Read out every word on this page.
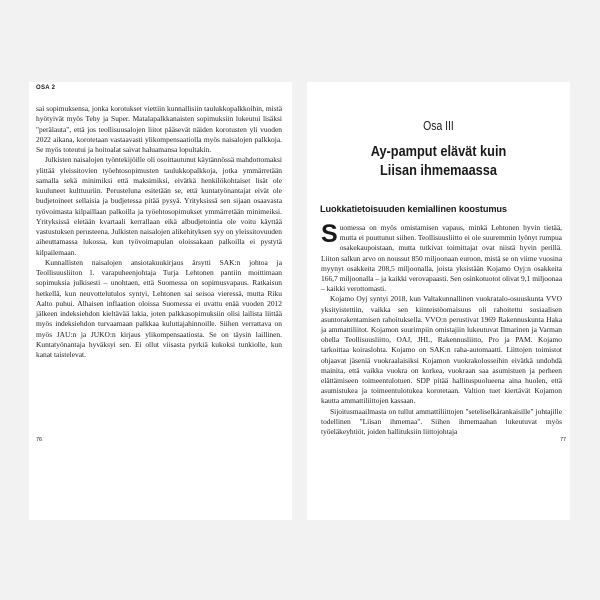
OSA 2

sai sopimuksensa, jonka korotukset viettiin kunnallisiin taulukkopalkkoihin, mistä hyötyivät myös Tehy ja Super. Matalapalkkanaisten sopimuksiin lukeutui lisäksi "perälauta", että jos teollisuusalojen liitot pääsevät näiden korotusten yli vuoden 2022 aikana, korotetaan vastaavasti ylikompensaatiolla myös naisalojen palkkoja. Se myös toteutui ja hoitoalat saivat haluamansa lopultakin.

Julkisten naisalojen työntekijöille oli osoittautunut käytännössä mahdottomaksi ylittää yleissitovien työehtosopimusten taulukkopalkkoja, jotka ymmärretään samalla sekä minimiksi että maksimiksi, eivätkä henkilökohtaiset lisät ole kuuluneet kulttuuriin. Perusteluna esitetään se, että kuntatyönantajat eivät ole budjetoineet sellaisia ja budjetessa pitää pysyä. Yrityksissä sen sijaan osaavasta työvoimasta kilpaillaan palkoilla ja työehtosopimukset ymmärretään minimeiksi. Yrityksissä eletään kvartaali kerrallaan eikä albudjetointia ole voitu käyttää vastustuksen perusteena. Julkisten naisalojen alikehityksen syy on yleissitovuuden aiheuttamassa lukossa, kun työvoimapulan oloissakaan palkoilla ei pystytä kilpailemaan.

Kunnallisten naisalojen ansiotakuukirjaus ärsytti SAK:n johtoa ja Teollisuusliiton 1. varapuheenjohtaja Turja Lehtonen pantiin moittimaan sopimuksia julkisesti – unohtaen, että Suomessa on sopimusvapaus. Ratkaisun hetkellä, kun neuvottelutulos syntyi, Lehtonen sai seisoa vieressä, mutta Riku Aalto puhui. Alhaisen inflaation oloissa Suomessa ei uvattu enää vuoden 2012 jälkeen indeksiehdon kieltävää lakia, joten palkkasopimuksiin olisi lailista liittää myös indeksiehdon turvaamaan palkkaa kuluttajahinnoille. Siihen verrattava on myös JAU:n ja JUKO:n kirjaus ylikompensaatiosta. Se on täysin laillinen. Kuntatyönantaja hyväksyi sen. Ei ollut viisasta pyrkiä kukoksi tunkiolle, kun kanat taistelevat.

76
Osa III
Ay-pamput elävät kuin
Liisan ihmemaassa
Luokkatietoisuuden kemiallinen koostumus

Suomessa on myös omistamisen vapaus, minkä Lehtonen hyvin tietää, mutta ei puuttunut siihen. Teollisuusliitto ei ole suuremmin lyönyt rumpua osakekaupoistaan, mutta tutkivat toimittajat ovat niistä hyvin perillä. Liiton salkun arvo on noussut 850 miljoonaan euroon, mistä se on viime vuosina myynyt osakkeita 208,5 miljoonalla, joista yksistään Kojamo Oyj:n osakkeita 166,7 miljoonalla – ja kaikki verovapaasti. Sen osinkotuotot olivat 9,1 miljoonaa – kaikki verottomasti.

Kojamo Oyj syntyi 2018, kun Valtakunnallinen vuokratalo-osuuskunta VVO yksityistettiin, vaikka sen kiinteistöomaisuus oli rahoitettu sosiaalisen asuntorakentamisen rahoituksella. VVO:n perustivat 1969 Rakennuskunta Haka ja ammattiliitot. Kojamon suurimpiin omistajiin lukeutuvat Ilmarinen ja Varman ohella Teollisuusliitto, OAJ, JHL, Rakennusliitto, Pro ja PAM. Kojamo tarkoittaa koiraslohta. Kojamo on SAK:n raha-automaatti. Liittojen toimistot ohjaavat jäseniä vuokraalaisiksi Kojamon vuokrakolosseihin eivätkä undohdä mainita, että vaikka vuokra on korkea, vuokraan saa asumistuen ja perheen elättämiseen toimeentulotuen. SDP pitää hallituspuolueena aina huolen, että asumistukea ja toimeentulotukea korotetaan. Valtion tuet kiertävät Kojamon kautta ammattiliittojen kassaan.

Sijoitusmaailmasta on tullut ammattiliittojen "seteliselkärankaisille" johtajille todellinen "Liisan ihmemaa". Siihen ihmemaahan lukeutuvat myös työeläkeyhtiöt, joiden hallituksiin liittojohtaja

77
